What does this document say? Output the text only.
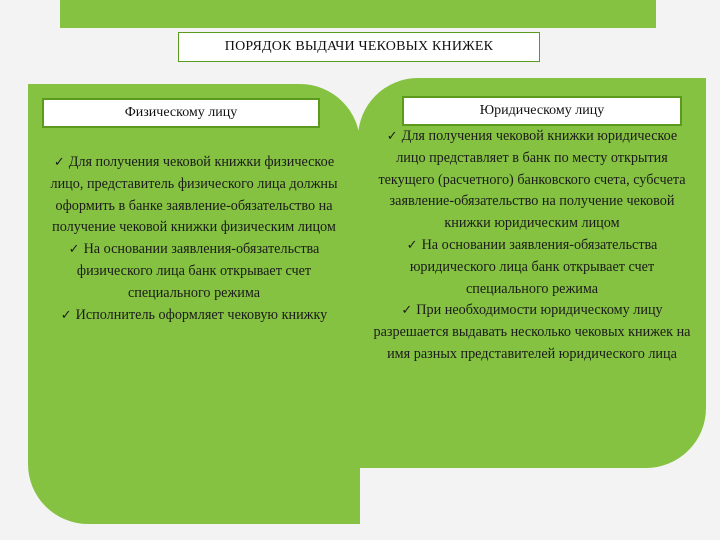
ПОРЯДОК ВЫДАЧИ ЧЕКОВЫХ КНИЖЕК
Физическому лицу

✓ Для получения чековой книжки физическое лицо, представитель физического лица должны оформить в банке заявление-обязательство на получение чековой книжки физическим лицом

✓ На основании заявления-обязательства физического лица банк открывает счет специального режима

✓ Исполнитель оформляет чековую книжку

Юридическому лицу

✓ Для получения чековой книжки юридическое лицо представляет в банк по месту открытия текущего (расчетного) банковского счета, субсчета заявление-обязательство на получение чековой книжки юридическим лицом

✓ На основании заявления-обязательства юридического лица банк открывает счет специального режима

✓ При необходимости юридическому лицу разрешается выдавать несколько чековых книжек на имя разных представителей юридического лица
